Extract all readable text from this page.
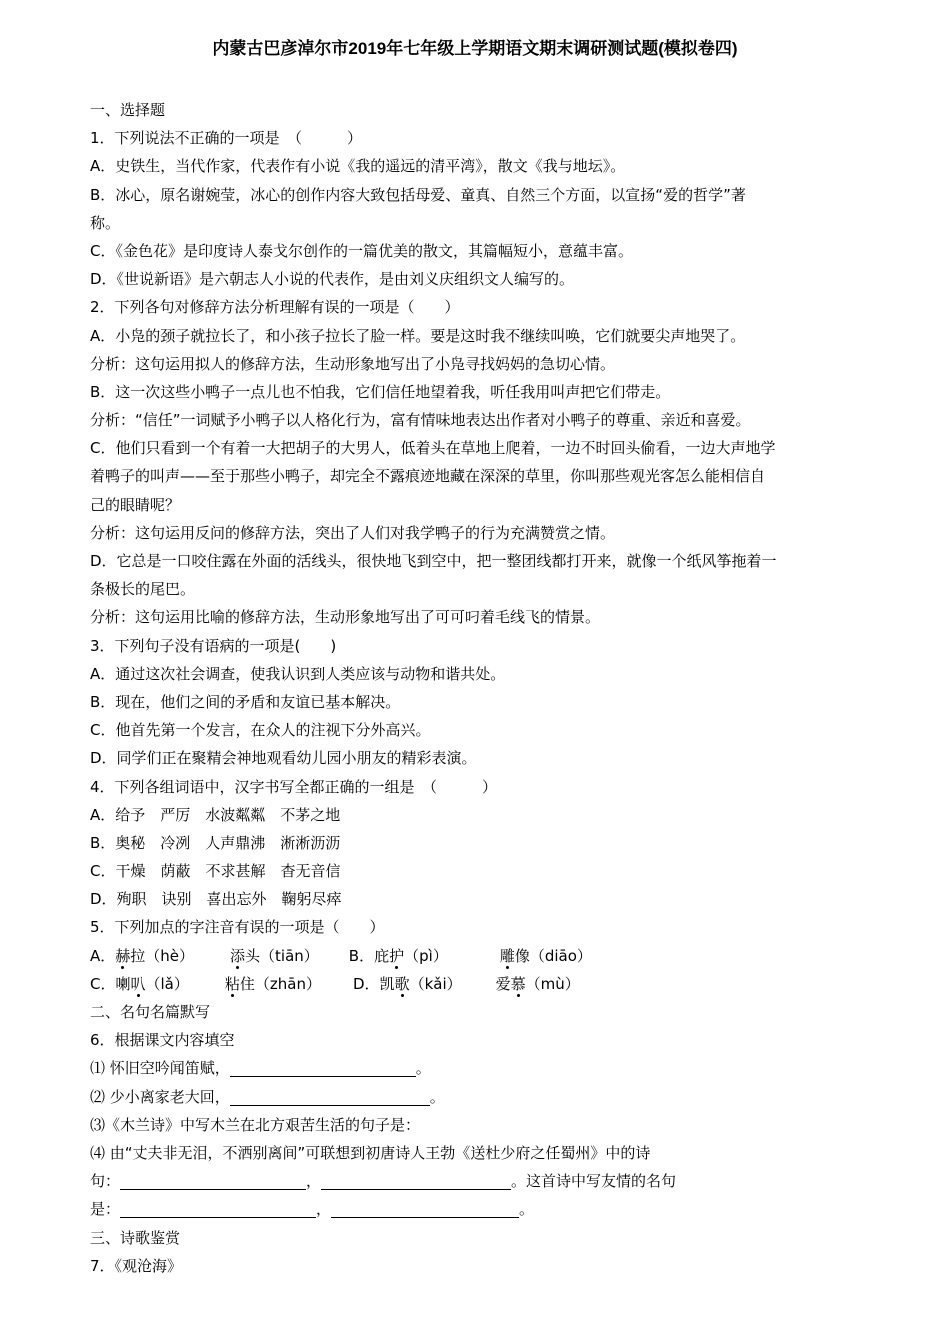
内蒙古巴彦淖尔市2019年七年级上学期语文期末调研测试题(模拟卷四)
一、选择题
1．下列说法不正确的一项是　（　　　）
A．史铁生，当代作家，代表作有小说《我的遥远的清平湾》，散文《我与地坛》。
B．冰心，原名谢婉莹，冰心的创作内容大致包括母爱、童真、自然三个方面，以宣扬“爱的哲学”著
称。
C．《金色花》是印度诗人泰戈尔创作的一篇优美的散文，其篇幅短小，意蕴丰富。
D．《世说新语》是六朝志人小说的代表作，是由刘义庆组织文人编写的。
2．下列各句对修辞方法分析理解有误的一项是（　　）
A．小凫的颈子就拉长了，和小孩子拉长了脸一样。要是这时我不继续叫唤，它们就要尖声地哭了。
分析：这句运用拟人的修辞方法，生动形象地写出了小凫寻找妈妈的急切心情。
B．这一次这些小鸭子一点儿也不怕我，它们信任地望着我，听任我用叫声把它们带走。
分析：“信任”一词赋予小鸭子以人格化行为，富有情味地表达出作者对小鸭子的尊重、亲近和喜爱。
C．他们只看到一个有着一大把胡子的大男人，低着头在草地上爬着，一边不时回头偷看，一边大声地学
着鸭子的叫声——至于那些小鸭子，却完全不露痕迹地藏在深深的草里，你叫那些观光客怎么能相信自
己的眼睛呢？
分析：这句运用反问的修辞方法，突出了人们对我学鸭子的行为充满赞赏之情。
D．它总是一口咬住露在外面的活线头，很快地飞到空中，把一整团线都打开来，就像一个纸风筝拖着一
条极长的尾巴。
分析：这句运用比喻的修辞方法，生动形象地写出了可可叼着毛线飞的情景。
3．下列句子没有语病的一项是(　　)
A．通过这次社会调查，使我认识到人类应该与动物和谐共处。
B．现在，他们之间的矛盾和友谊已基本解决。
C．他首先第一个发言，在众人的注视下分外高兴。
D．同学们正在聚精会神地观看幼儿园小朋友的精彩表演。
4．下列各组词语中，汉字书写全都正确的一组是　（　　　）
A．给予　严厉　水波粼粼　不茅之地
B．奥秘　冷冽　人声鼎沸　淅淅沥沥
C．干燥　荫蔽　不求甚解　杳无音信
D．殉职　诀别　喜出忘外　鞠躬尽瘁
5．下列加点的字注音有误的一项是（　　）
A．赫拉（hè） 添头（tiān） B．庇护（pì）	雕像（diāo）
C．喇叭（lǎ） 粘住（zhān） D．凯歌（kǎi） 爱慕（mù）
二、名句名篇默写
6．根据课文内容填空
⑴ 怀旧空吟闻笛赋，	。
⑵ 少小离家老大回，	。
⑶《木兰诗》中写木兰在北方艰苦生活的句子是：
⑷ 由“丈夫非无泪，不洒别离间”可联想到初唐诗人王勃《送杜少府之任蜀州》中的诗
句：	，	。这首诗中写友情的名句
是：	，	。
三、诗歌鉴赏
7．《观沧海》
